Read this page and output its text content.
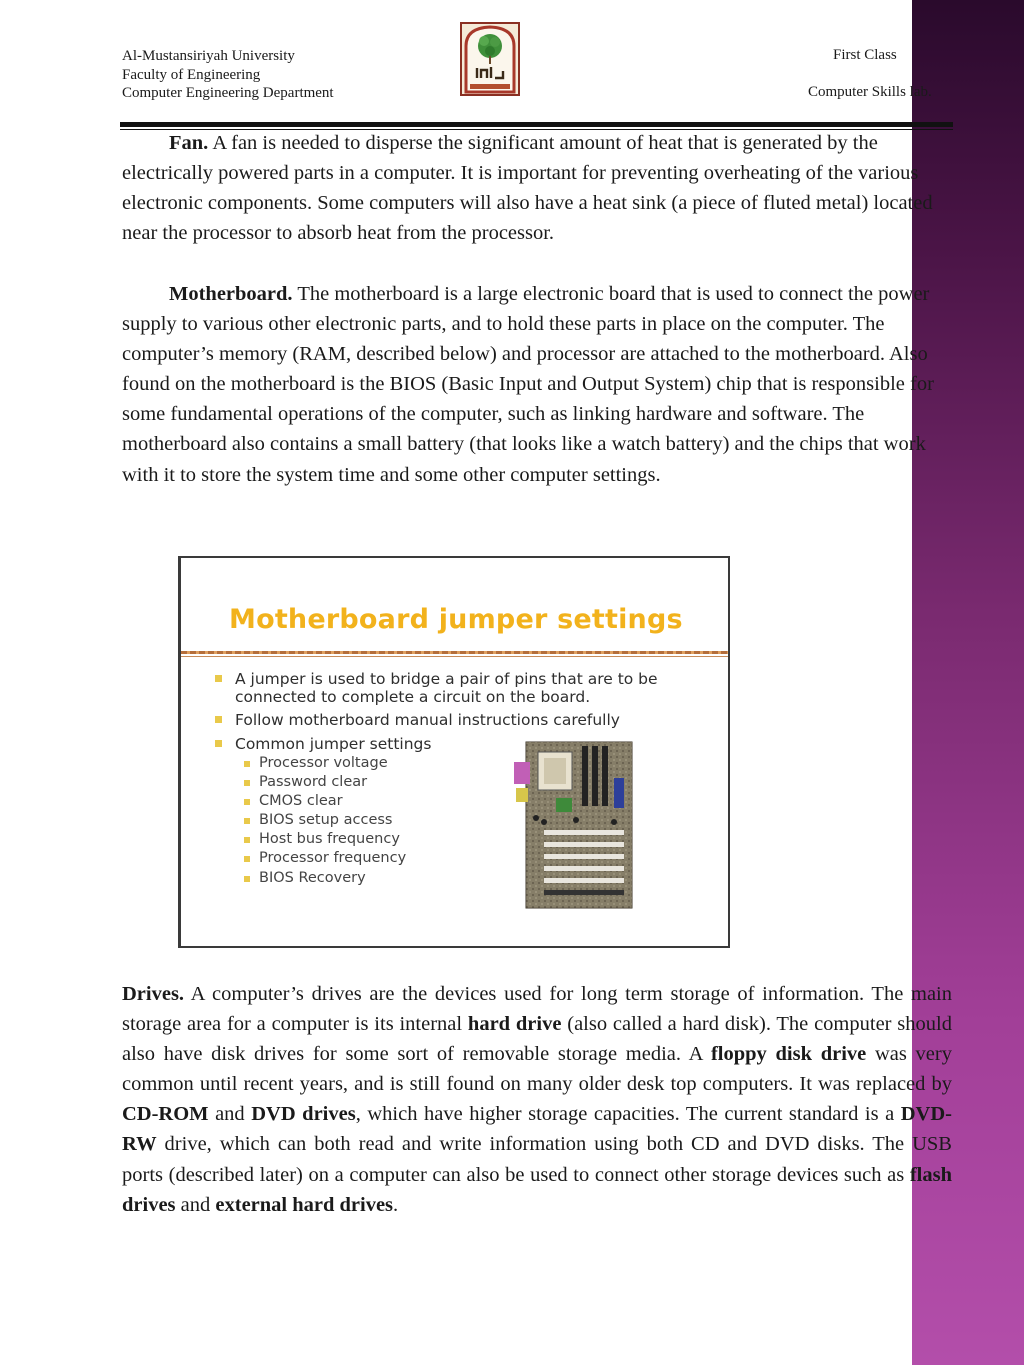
Al-Mustansiriyah University
Faculty of Engineering
Computer Engineering Department
First Class
Computer Skills lab.
Fan. A fan is needed to disperse the significant amount of heat that is generated by the electrically powered parts in a computer. It is important for preventing overheating of the various electronic components. Some computers will also have a heat sink (a piece of fluted metal) located near the processor to absorb heat from the processor.
Motherboard. The motherboard is a large electronic board that is used to connect the power supply to various other electronic parts, and to hold these parts in place on the computer. The computer’s memory (RAM, described below) and processor are attached to the motherboard. Also found on the motherboard is the BIOS (Basic Input and Output System) chip that is responsible for some fundamental operations of the computer, such as linking hardware and software. The motherboard also contains a small battery (that looks like a watch battery) and the chips that work with it to store the system time and some other computer settings.
Motherboard jumper settings
A jumper is used to bridge a pair of pins that are to be connected to complete a circuit on the board.
Follow motherboard manual instructions carefully
Common jumper settings
Processor voltage
Password clear
CMOS clear
BIOS setup access
Host bus frequency
Processor frequency
BIOS Recovery
Drives. A computer’s drives are the devices used for long term storage of information. The main storage area for a computer is its internal hard drive (also called a hard disk). The computer should also have disk drives for some sort of removable storage media. A floppy disk drive was very common until recent years, and is still found on many older desk top computers. It was replaced by CD-ROM and DVD drives, which have higher storage capacities. The current standard is a DVD-RW drive, which can both read and write information using both CD and DVD disks. The USB ports (described later) on a computer can also be used to connect other storage devices such as flash drives and external hard drives.
